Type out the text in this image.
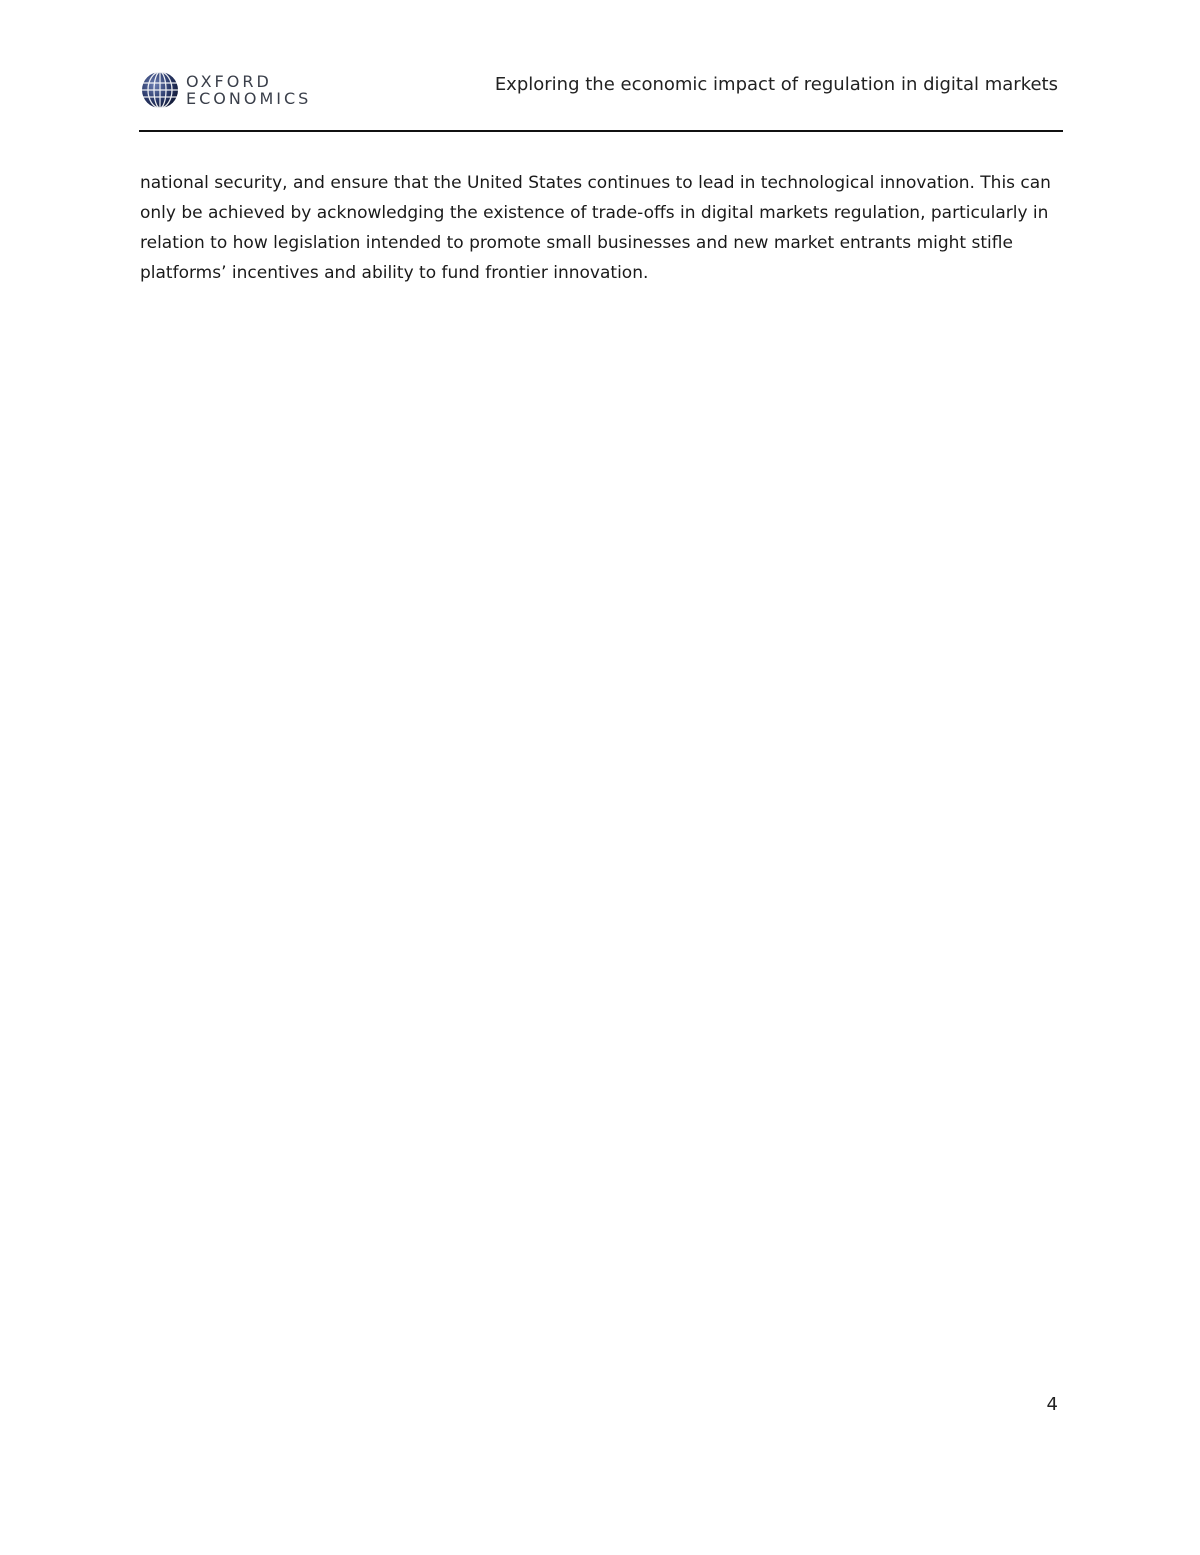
OXFORD
ECONOMICS
Exploring the economic impact of regulation in digital markets

national security, and ensure that the United States continues to lead in technological innovation. This can only be achieved by acknowledging the existence of trade-offs in digital markets regulation, particularly in relation to how legislation intended to promote small businesses and new market entrants might stifle platforms’ incentives and ability to fund frontier innovation.

4
